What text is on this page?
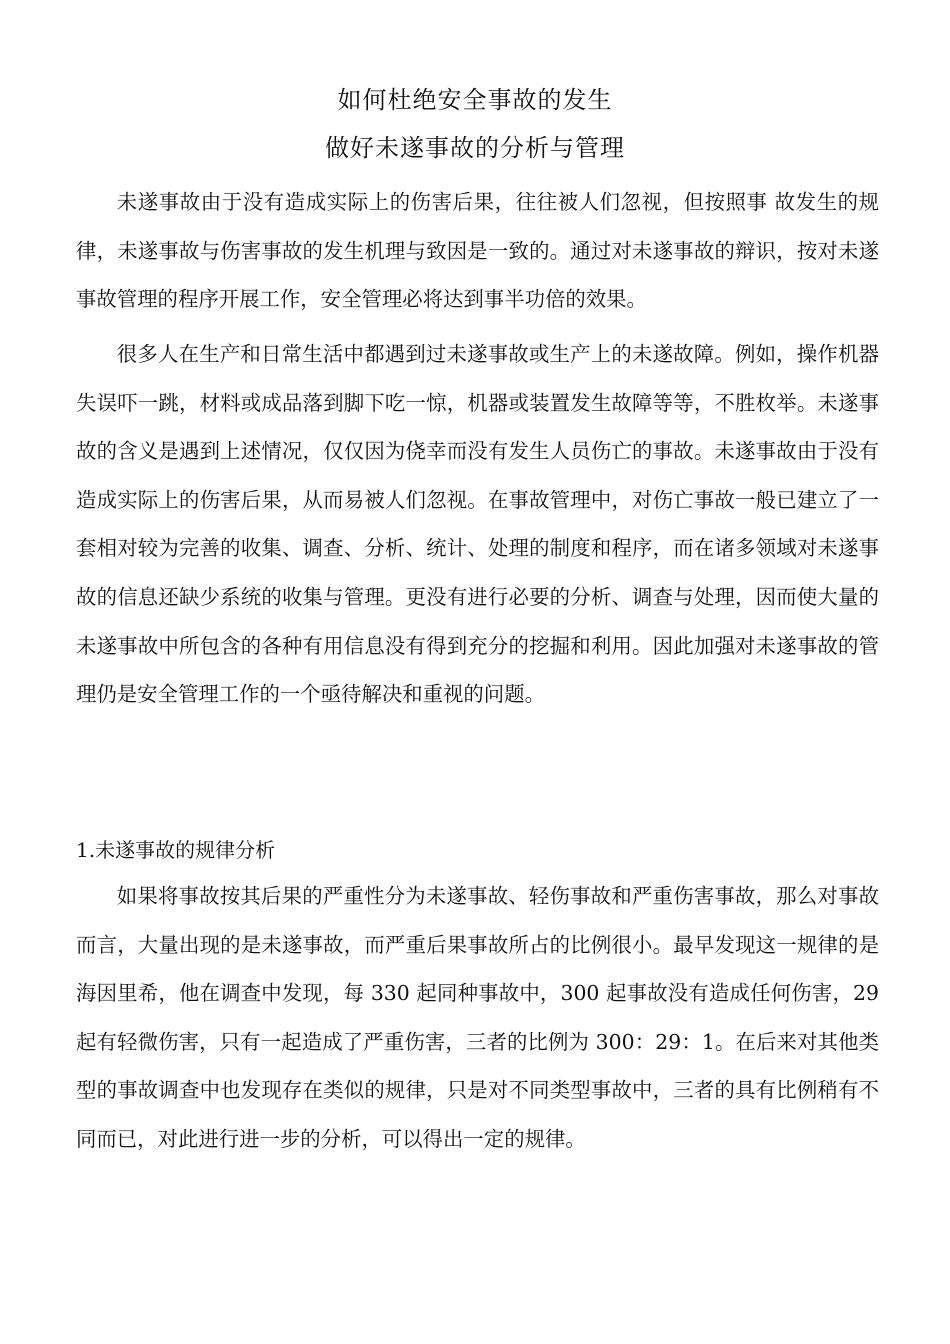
如何杜绝安全事故的发生
做好未遂事故的分析与管理

未遂事故由于没有造成实际上的伤害后果，往往被人们忽视，但按照事 故发生的规律，未遂事故与伤害事故的发生机理与致因是一致的。通过对未遂事故的辩识，按对未遂事故管理的程序开展工作，安全管理必将达到事半功倍的效果。

很多人在生产和日常生活中都遇到过未遂事故或生产上的未遂故障。例如，操作机器 失误吓一跳，材料或成品落到脚下吃一惊，机器或装置发生故障等等，不胜枚举。未遂事故的含义是遇到上述情况，仅仅因为侥幸而没有发生人员伤亡的事故。未遂事故由于没有造成实际上的伤害后果，从而易被人们忽视。在事故管理中，对伤亡事故一般已建立了一套相对较为完善的收集、调查、分析、统计、处理的制度和程序，而在诸多领域对未遂事故的信息还缺少系统的收集与管理。更没有进行必要的分析、调查与处理，因而使大量的未遂事故中所包含的各种有用信息没有得到充分的挖掘和利用。因此加强对未遂事故的管理仍是安全管理工作的一个亟待解决和重视的问题。

1.未遂事故的规律分析

如果将事故按其后果的严重性分为未遂事故、轻伤事故和严重伤害事故，那么对事故而言，大量出现的是未遂事故，而严重后果事故所占的比例很小。最早发现这一规律的是海因里希，他在调查中发现，每 330 起同种事故中，300 起事故没有造成任何伤害，29 起有轻微伤害，只有一起造成了严重伤害，三者的比例为 300：29：1。在后来对其他类型的事故调查中也发现存在类似的规律，只是对不同类型事故中，三者的具有比例稍有不同而已，对此进行进一步的分析，可以得出一定的规律。
